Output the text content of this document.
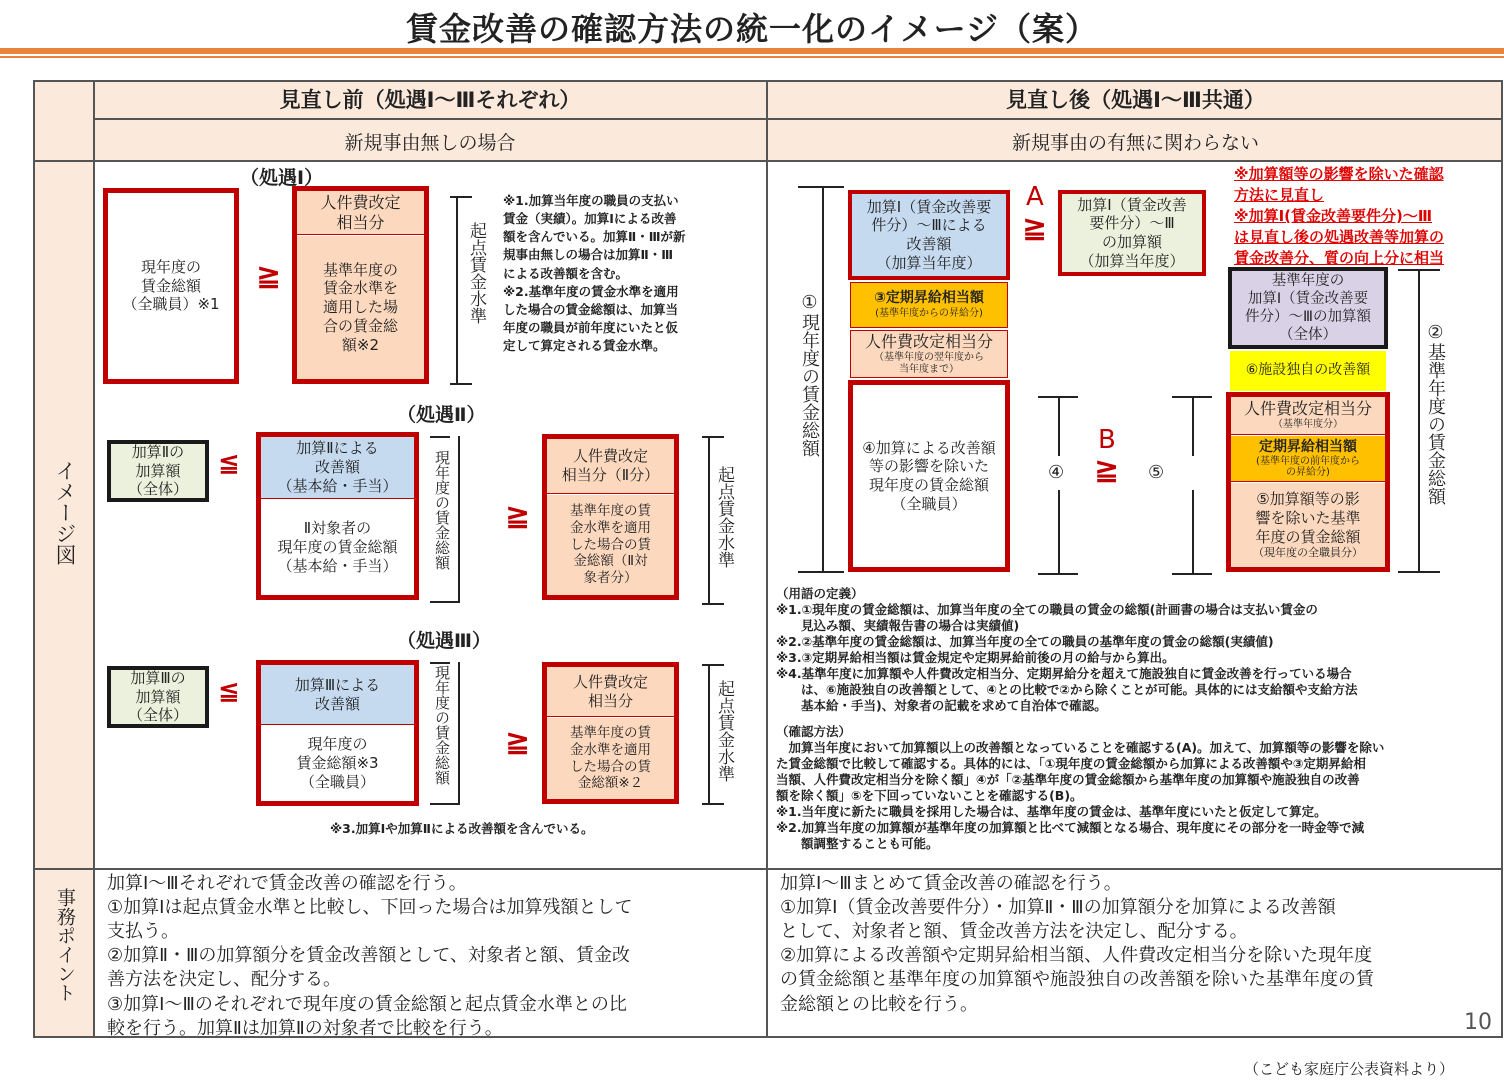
賃金改善の確認方法の統一化のイメージ（案）
見直し前（処遇Ⅰ～Ⅲそれぞれ）	見直し後（処遇Ⅰ～Ⅲ共通）
新規事由無しの場合	新規事由の有無に関わらない
イメージ図
事務ポイント
（処遇Ⅰ）
現年度の
賃金総額
（全職員）※1
≧
人件費改定
相当分
基準年度の
賃金水準を
適用した場
合の賃金総
額※2
起点賃金水準
※1.加算当年度の職員の支払い
賃金（実績）。加算Ⅰによる改善
額を含んでいる。加算Ⅱ・Ⅲが新
規事由無しの場合は加算Ⅱ・Ⅲ
による改善額を含む。
※2.基準年度の賃金水準を適用
した場合の賃金総額は、加算当
年度の職員が前年度にいたと仮
定して算定される賃金水準。
（処遇Ⅱ）
加算Ⅱの
加算額
（全体）
≦	加算Ⅱによる
改善額
（基本給・手当）
Ⅱ対象者の
現年度の賃金総額
（基本給・手当）	現年度の賃金総額 ≧
人件費改定
相当分（Ⅱ分）
基準年度の賃
金水準を適用
した場合の賃
金総額（Ⅱ対
象者分）
起点賃金水準
（処遇Ⅲ）
加算Ⅲの
加算額
（全体）
≦	加算Ⅲによる
改善額
現年度の
賃金総額※3
（全職員）	現年度の賃金総額 ≧
人件費改定
相当分
基準年度の賃
金水準を適用
した場合の賃
金総額※２
起点賃金水準
※3.加算Ⅰや加算Ⅱによる改善額を含んでいる。
①現年度の賃金総額
加算Ⅰ（賃金改善要
件分）～Ⅲによる
改善額
（加算当年度）
③定期昇給相当額
(基準年度からの昇給分)
人件費改定相当分
（基準年度の翌年度から
当年度まで）
④加算による改善額
等の影響を除いた
現年度の賃金総額
（全職員）
A
≧
加算Ⅰ（賃金改善
要件分）～Ⅲ
の加算額
（加算当年度）
④
B
≧ ⑤
※加算額等の影響を除いた確認
方法に見直し
※加算Ⅰ(賃金改善要件分)～Ⅲ
は見直し後の処遇改善等加算の
賃金改善分、質の向上分に相当
基準年度の
加算Ⅰ（賃金改善要
件分）～Ⅲの加算額
（全体）
⑥施設独自の改善額
人件費改定相当分
（基準年度分）
定期昇給相当額
(基準年度の前年度から
の昇給分)
⑤加算額等の影
響を除いた基準
年度の賃金総額
（現年度の全職員分）
②基準年度の賃金総額
（用語の定義）
※1.①現年度の賃金総額は、加算当年度の全ての職員の賃金の総額(計画書の場合は支払い賃金の
　　見込み額、実績報告書の場合は実績値)
※2.②基準年度の賃金総額は、加算当年度の全ての職員の基準年度の賃金の総額(実績値)
※3.③定期昇給相当額は賃金規定や定期昇給前後の月の給与から算出。
※4.基準年度に加算額や人件費改定相当分、定期昇給分を超えて施設独自に賃金改善を行っている場合
　　は、⑥施設独自の改善額として、④との比較で②から除くことが可能。具体的には支給額や支給方法
　　基本給・手当)、対象者の記載を求めて自治体で確認。
（確認方法）
　加算当年度において加算額以上の改善額となっていることを確認する(A)。加えて、加算額等の影響を除い
た賃金総額で比較して確認する。具体的には、「①現年度の賃金総額から加算による改善額や③定期昇給相
当額、人件費改定相当分を除く額」④が「②基準年度の賃金総額から基準年度の加算額や施設独自の改善
額を除く額」⑤を下回っていないことを確認する(B)。
※1.当年度に新たに職員を採用した場合は、基準年度の賃金は、基準年度にいたと仮定して算定。
※2.加算当年度の加算額が基準年度の加算額と比べて減額となる場合、現年度にその部分を一時金等で減
　　額調整することも可能。
加算Ⅰ～Ⅲそれぞれで賃金改善の確認を行う。
①加算Ⅰは起点賃金水準と比較し、下回った場合は加算残額として
支払う。
②加算Ⅱ・Ⅲの加算額分を賃金改善額として、対象者と額、賃金改
善方法を決定し、配分する。
③加算Ⅰ～Ⅲのそれぞれで現年度の賃金総額と起点賃金水準との比
較を行う。加算Ⅱは加算Ⅱの対象者で比較を行う。
加算Ⅰ～Ⅲまとめて賃金改善の確認を行う。
①加算Ⅰ（賃金改善要件分）・加算Ⅱ・Ⅲの加算額分を加算による改善額
として、対象者と額、賃金改善方法を決定し、配分する。
②加算による改善額や定期昇給相当額、人件費改定相当分を除いた現年度
の賃金総額と基準年度の加算額や施設独自の改善額を除いた基準年度の賃
金総額との比較を行う。
10
（こども家庭庁公表資料より）
